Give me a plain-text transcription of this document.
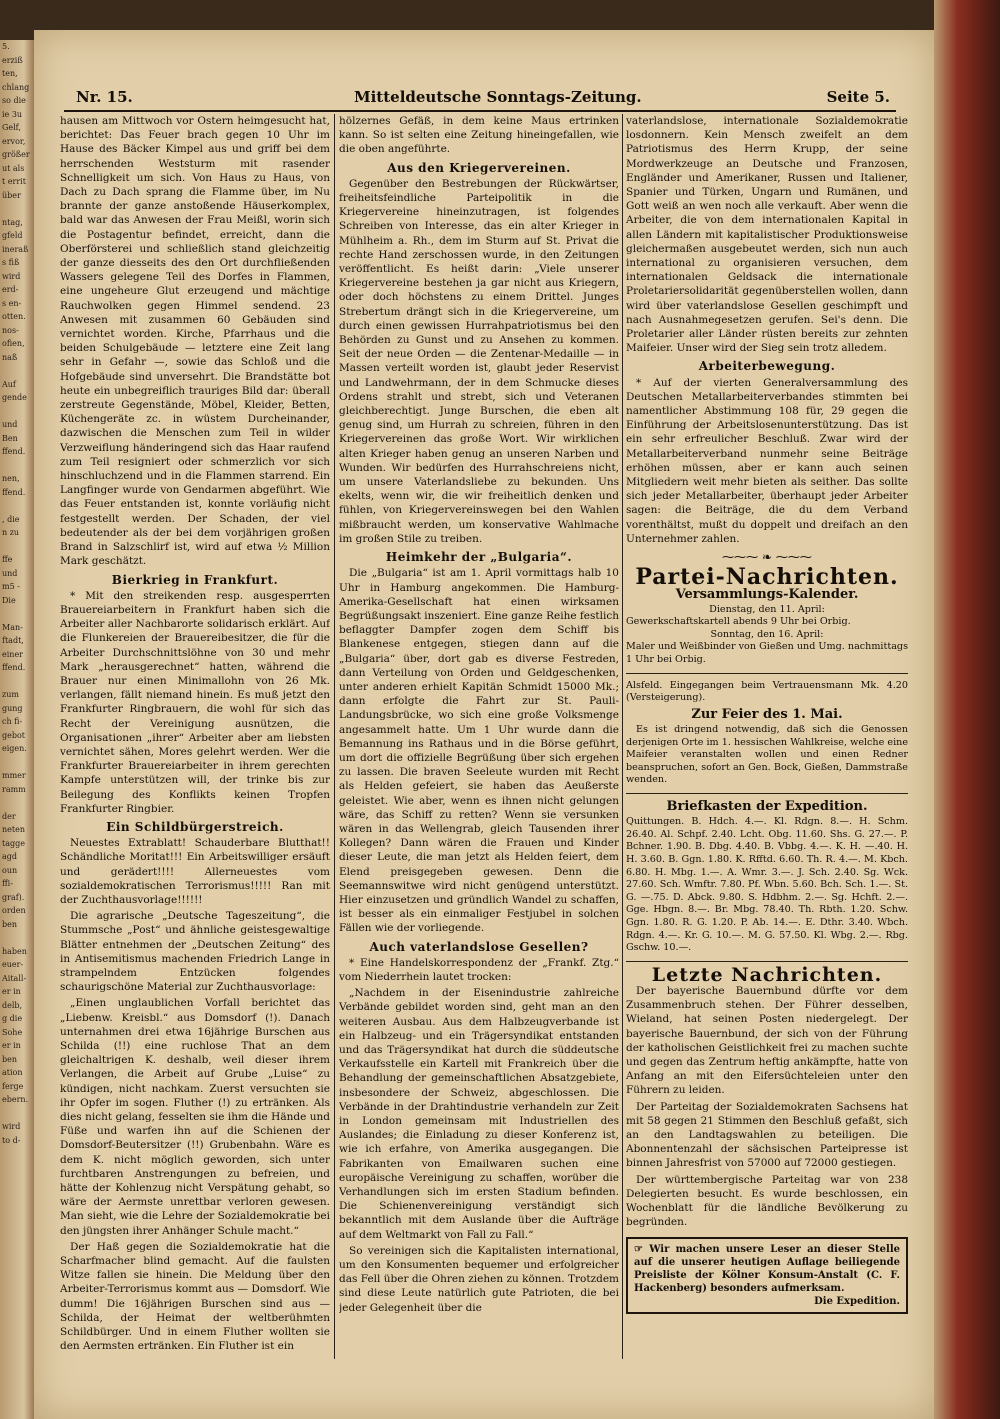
5.
erziß
ten,
chlang
so die
ie 3u
Gelf,
ervor,
größer
ut als
t errit
über

ntag,
gfeld
ineraß
s fiß
wird
erd-
s en-
otten.
nos-
ofien,
naß

Auf
gende

und
Ben
ffend.

nen,
ffend.

, die
n zu

ffe
und
m5 -
Die

Man-
ftadt,
einer
ffend.

zum
gung
ch fi-
gebot
eigen.

mmer
ramm

der
neten
tagge
agd
oun
ffi-
graf).
orden
ben

haben
euer-
Aitall-
er in
delb,
g die
Sohe
er in
ben
ation
ferge
ebern.

wird
to d-
Nr. 15.	Mitteldeutsche Sonntags-Zeitung.	Seite 5.

hausen am Mittwoch vor Ostern heimgesucht hat, berichtet: Das Feuer brach gegen 10 Uhr im Hause des Bäcker Kimpel aus und griff bei dem herrschenden Weststurm mit rasender Schnelligkeit um sich. Von Haus zu Haus, von Dach zu Dach sprang die Flamme über, im Nu brannte der ganze anstoßende Häuserkomplex, bald war das Anwesen der Frau Meißl, worin sich die Postagentur befindet, erreicht, dann die Oberförsterei und schließlich stand gleichzeitig der ganze diesseits des den Ort durchfließenden Wassers gelegene Teil des Dorfes in Flammen, eine ungeheure Glut erzeugend und mächtige Rauchwolken gegen Himmel sendend. 23 Anwesen mit zusammen 60 Gebäuden sind vernichtet worden. Kirche, Pfarrhaus und die beiden Schulgebäude — letztere eine Zeit lang sehr in Gefahr —, sowie das Schloß und die Hofgebäude sind unversehrt. Die Brandstätte bot heute ein unbegreiflich trauriges Bild dar: überall zerstreute Gegenstände, Möbel, Kleider, Betten, Küchengeräte zc. in wüstem Durcheinander, dazwischen die Menschen zum Teil in wilder Verzweiflung händeringend sich das Haar raufend zum Teil resigniert oder schmerzlich vor sich hinschluchzend und in die Flammen starrend. Ein Langfinger wurde von Gendarmen abgeführt. Wie das Feuer entstanden ist, konnte vorläufig nicht festgestellt werden. Der Schaden, der viel bedeutender als der bei dem vorjährigen großen Brand in Salzschlirf ist, wird auf etwa ½ Million Mark geschätzt.

Bierkrieg in Frankfurt.

* Mit den streikenden resp. ausgesperrten Brauereiarbeitern in Frankfurt haben sich die Arbeiter aller Nachbarorte solidarisch erklärt. Auf die Flunkereien der Brauereibesitzer, die für die Arbeiter Durchschnittslöhne von 30 und mehr Mark „herausgerechnet“ hatten, während die Brauer nur einen Minimallohn von 26 Mk. verlangen, fällt niemand hinein. Es muß jetzt den Frankfurter Ringbrauern, die wohl für sich das Recht der Vereinigung ausnützen, die Organisationen „ihrer“ Arbeiter aber am liebsten vernichtet sähen, Mores gelehrt werden. Wer die Frankfurter Brauereiarbeiter in ihrem gerechten Kampfe unterstützen will, der trinke bis zur Beilegung des Konflikts keinen Tropfen Frankfurter Ringbier.

Ein Schildbürgerstreich.

Neuestes Extrablatt! Schauderbare Blutthat!! Schändliche Moritat!!! Ein Arbeitswilliger ersäuft und gerädert!!!! Allerneuestes vom sozialdemokratischen Terrorismus!!!!! Ran mit der Zuchthausvorlage!!!!!!

Die agrarische „Deutsche Tageszeitung“, die Stummsche „Post“ und ähnliche geistesgewaltige Blätter entnehmen der „Deutschen Zeitung“ des in Antisemitismus machenden Friedrich Lange in strampelndem Entzücken folgendes schaurigschöne Material zur Zuchthausvorlage:

„Einen unglaublichen Vorfall berichtet das „Liebenw. Kreisbl.“ aus Domsdorf (!). Danach unternahmen drei etwa 16jährige Burschen aus Schilda (!!) eine ruchlose That an dem gleichaltrigen K. deshalb, weil dieser ihrem Verlangen, die Arbeit auf Grube „Luise“ zu kündigen, nicht nachkam. Zuerst versuchten sie ihr Opfer im sogen. Fluther (!) zu ertränken. Als dies nicht gelang, fesselten sie ihm die Hände und Füße und warfen ihn auf die Schienen der Domsdorf-Beutersitzer (!!) Grubenbahn. Wäre es dem K. nicht möglich geworden, sich unter furchtbaren Anstrengungen zu befreien, und hätte der Kohlenzug nicht Verspätung gehabt, so wäre der Aermste unrettbar verloren gewesen. Man sieht, wie die Lehre der Sozialdemokratie bei den jüngsten ihrer Anhänger Schule macht.“

Der Haß gegen die Sozialdemokratie hat die Scharfmacher blind gemacht. Auf die faulsten Witze fallen sie hinein. Die Meldung über den Arbeiter-Terrorismus kommt aus — Domsdorf. Wie dumm! Die 16jährigen Burschen sind aus — Schilda, der Heimat der weltberühmten Schildbürger. Und in einem Fluther wollten sie den Aermsten ertränken. Ein Fluther ist ein

hölzernes Gefäß, in dem keine Maus ertrinken kann. So ist selten eine Zeitung hineingefallen, wie die oben angeführte.

Aus den Kriegervereinen.

Gegenüber den Bestrebungen der Rückwärtser, freiheitsfeindliche Parteipolitik in die Kriegervereine hineinzutragen, ist folgendes Schreiben von Interesse, das ein alter Krieger in Mühlheim a. Rh., dem im Sturm auf St. Privat die rechte Hand zerschossen wurde, in den Zeitungen veröffentlicht. Es heißt darin: „Viele unserer Kriegervereine bestehen ja gar nicht aus Kriegern, oder doch höchstens zu einem Drittel. Junges Strebertum drängt sich in die Kriegervereine, um durch einen gewissen Hurrahpatriotismus bei den Behörden zu Gunst und zu Ansehen zu kommen. Seit der neue Orden — die Zentenar-Medaille — in Massen verteilt worden ist, glaubt jeder Reservist und Landwehrmann, der in dem Schmucke dieses Ordens strahlt und strebt, sich und Veteranen gleichberechtigt. Junge Burschen, die eben alt genug sind, um Hurrah zu schreien, führen in den Kriegervereinen das große Wort. Wir wirklichen alten Krieger haben genug an unseren Narben und Wunden. Wir bedürfen des Hurrahschreiens nicht, um unsere Vaterlandsliebe zu bekunden. Uns ekelts, wenn wir, die wir freiheitlich denken und fühlen, von Kriegervereinswegen bei den Wahlen mißbraucht werden, um konservative Wahlmache im großen Stile zu treiben.

Heimkehr der „Bulgaria“.

Die „Bulgaria“ ist am 1. April vormittags halb 10 Uhr in Hamburg angekommen. Die Hamburg-Amerika-Gesellschaft hat einen wirksamen Begrüßungsakt inszeniert. Eine ganze Reihe festlich beflaggter Dampfer zogen dem Schiff bis Blankenese entgegen, stiegen dann auf die „Bulgaria“ über, dort gab es diverse Festreden, dann Verteilung von Orden und Geldgeschenken, unter anderen erhielt Kapitän Schmidt 15000 Mk.; dann erfolgte die Fahrt zur St. Pauli-Landungsbrücke, wo sich eine große Volksmenge angesammelt hatte. Um 1 Uhr wurde dann die Bemannung ins Rathaus und in die Börse geführt, um dort die offizielle Begrüßung über sich ergehen zu lassen. Die braven Seeleute wurden mit Recht als Helden gefeiert, sie haben das Aeußerste geleistet. Wie aber, wenn es ihnen nicht gelungen wäre, das Schiff zu retten? Wenn sie versunken wären in das Wellengrab, gleich Tausenden ihrer Kollegen? Dann wären die Frauen und Kinder dieser Leute, die man jetzt als Helden feiert, dem Elend preisgegeben gewesen. Denn die Seemannswitwe wird nicht genügend unterstützt. Hier einzusetzen und gründlich Wandel zu schaffen, ist besser als ein einmaliger Festjubel in solchen Fällen wie der vorliegende.

Auch vaterlandslose Gesellen?

* Eine Handelskorrespondenz der „Frankf. Ztg.“ vom Niederrhein lautet trocken:

„Nachdem in der Eisenindustrie zahlreiche Verbände gebildet worden sind, geht man an den weiteren Ausbau. Aus dem Halbzeugverbande ist ein Halbzeug- und ein Trägersyndikat entstanden und das Trägersyndikat hat durch die süddeutsche Verkaufsstelle ein Kartell mit Frankreich über die Behandlung der gemeinschaftlichen Absatzgebiete, insbesondere der Schweiz, abgeschlossen. Die Verbände in der Drahtindustrie verhandeln zur Zeit in London gemeinsam mit Industriellen des Auslandes; die Einladung zu dieser Konferenz ist, wie ich erfahre, von Amerika ausgegangen. Die Fabrikanten von Emailwaren suchen eine europäische Vereinigung zu schaffen, worüber die Verhandlungen sich im ersten Stadium befinden. Die Schienenvereinigung verständigt sich bekanntlich mit dem Auslande über die Aufträge auf dem Weltmarkt von Fall zu Fall.“

So vereinigen sich die Kapitalisten international, um den Konsumenten bequemer und erfolgreicher das Fell über die Ohren ziehen zu können. Trotzdem sind diese Leute natürlich gute Patrioten, die bei jeder Gelegenheit über die

vaterlandslose, internationale Sozialdemokratie losdonnern. Kein Mensch zweifelt an dem Patriotismus des Herrn Krupp, der seine Mordwerkzeuge an Deutsche und Franzosen, Engländer und Amerikaner, Russen und Italiener, Spanier und Türken, Ungarn und Rumänen, und Gott weiß an wen noch alle verkauft. Aber wenn die Arbeiter, die von dem internationalen Kapital in allen Ländern mit kapitalistischer Produktionsweise gleichermaßen ausgebeutet werden, sich nun auch international zu organisieren versuchen, dem internationalen Geldsack die internationale Proletariersolidarität gegenüberstellen wollen, dann wird über vaterlandslose Gesellen geschimpft und nach Ausnahmegesetzen gerufen. Sei's denn. Die Proletarier aller Länder rüsten bereits zur zehnten Maifeier. Unser wird der Sieg sein trotz alledem.

Arbeiterbewegung.

* Auf der vierten Generalversammlung des Deutschen Metallarbeiterverbandes stimmten bei namentlicher Abstimmung 108 für, 29 gegen die Einführung der Arbeitslosenunterstützung. Das ist ein sehr erfreulicher Beschluß. Zwar wird der Metallarbeiterverband nunmehr seine Beiträge erhöhen müssen, aber er kann auch seinen Mitgliedern weit mehr bieten als seither. Das sollte sich jeder Metallarbeiter, überhaupt jeder Arbeiter sagen: die Beiträge, die du dem Verband vorenthältst, mußt du doppelt und dreifach an den Unternehmer zahlen.

⁓⁓⁓ ❧ ⁓⁓⁓
Partei-Nachrichten.
Versammlungs-Kalender.
Dienstag, den 11. April:
Gewerkschaftskartell abends 9 Uhr bei Orbig.
Sonntag, den 16. April:
Maler und Weißbinder von Gießen und Umg. nachmittags 1 Uhr bei Orbig.
Alsfeld. Eingegangen beim Vertrauensmann Mk. 4.20 (Versteigerung).
Zur Feier des 1. Mai.

Es ist dringend notwendig, daß sich die Genossen derjenigen Orte im 1. hessischen Wahlkreise, welche eine Maifeier veranstalten wollen und einen Redner beanspruchen, sofort an Gen. Bock, Gießen, Dammstraße wenden.

Briefkasten der Expedition.

Quittungen. B. Hdch. 4.—. Kl. Rdgn. 8.—. H. Schm. 26.40. Al. Schpf. 2.40. Lcht. Obg. 11.60. Shs. G. 27.—. P. Bchner. 1.90. B. Dbg. 4.40. B. Vbbg. 4.—. K. H. —.40. H. H. 3.60. B. Ggn. 1.80. K. Rfftd. 6.60. Th. R. 4.—. M. Kbch. 6.80. H. Mbg. 1.—. A. Wmr. 3.—. J. Sch. 2.40. Sg. Wck. 27.60. Sch. Wmftr. 7.80. Pf. Wbn. 5.60. Bch. Sch. 1.—. St. G. —.75. D. Abck. 9.80. S. Hdbhm. 2.—. Sg. Hchft. 2.—. Gge. Hbgn. 8.—. Br. Mbg. 78.40. Th. Rbth. 1.20. Schw. Ggn. 1.80. R. G. 1.20. P. Ab. 14.—. E. Dthr. 3.40. Wbch. Rdgn. 4.—. Kr. G. 10.—. M. G. 57.50. Kl. Wbg. 2.—. Rbg. Gschw. 10.—.

Letzte Nachrichten.

Der bayerische Bauernbund dürfte vor dem Zusammenbruch stehen. Der Führer desselben, Wieland, hat seinen Posten niedergelegt. Der bayerische Bauernbund, der sich von der Führung der katholischen Geistlichkeit frei zu machen suchte und gegen das Zentrum heftig ankämpfte, hatte von Anfang an mit den Eifersüchteleien unter den Führern zu leiden.

Der Parteitag der Sozialdemokraten Sachsens hat mit 58 gegen 21 Stimmen den Beschluß gefaßt, sich an den Landtagswahlen zu beteiligen. Die Abonnentenzahl der sächsischen Parteipresse ist binnen Jahresfrist von 57000 auf 72000 gestiegen.

Der württembergische Parteitag war von 238 Delegierten besucht. Es wurde beschlossen, ein Wochenblatt für die ländliche Bevölkerung zu begründen.

☞ Wir machen unsere Leser an dieser Stelle auf die unserer heutigen Auflage beiliegende Preisliste der Kölner Konsum-Anstalt (C. F. Hackenberg) besonders aufmerksam.
Die Expedition.
